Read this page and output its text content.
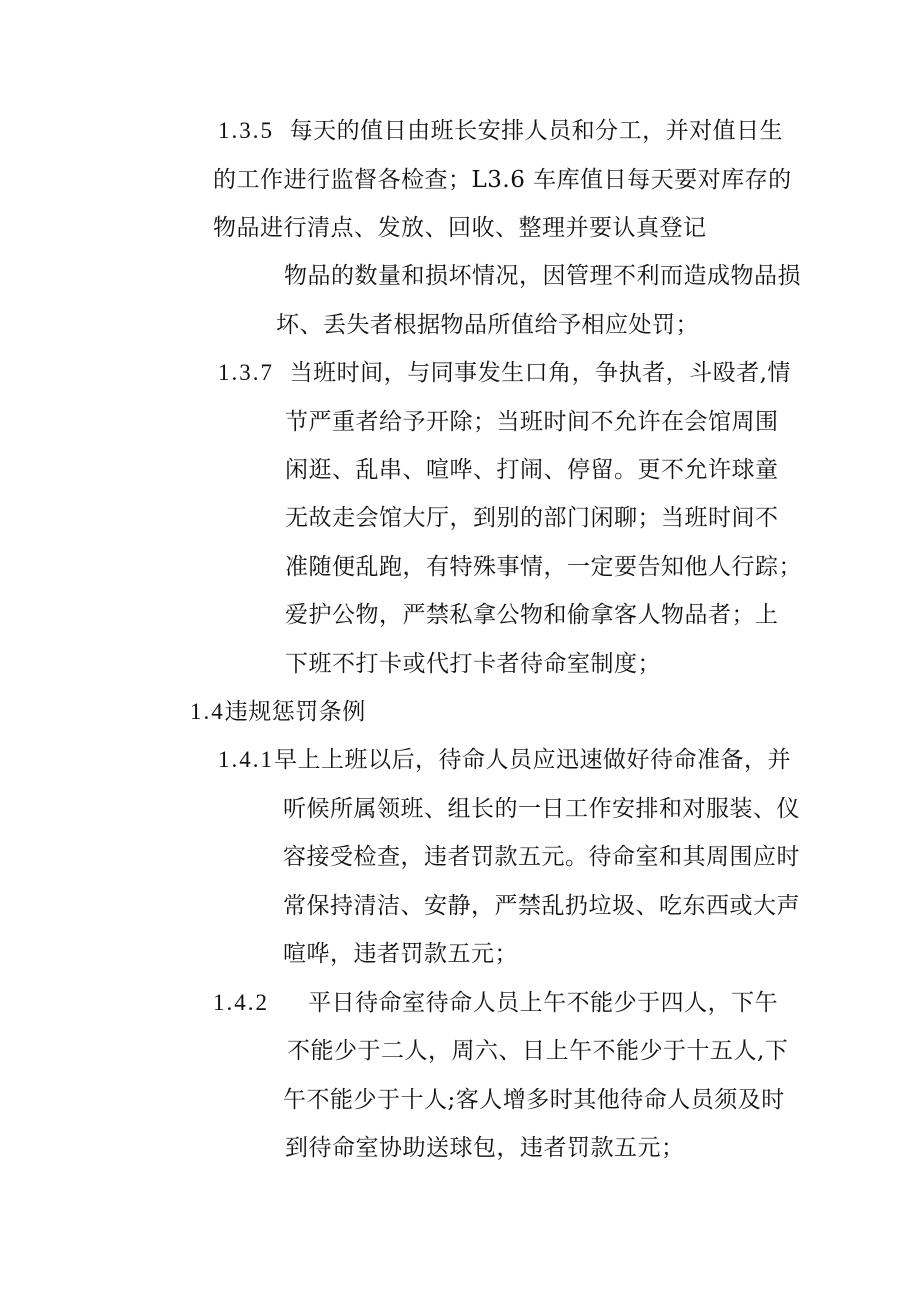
1.3.5 每天的值日由班长安排人员和分工，并对值日生
的工作进行监督各检查；L3.6 车库值日每天要对库存的
物品进行清点、发放、回收、整理并要认真登记
物品的数量和损坏情况，因管理不利而造成物品损
坏、丢失者根据物品所值给予相应处罚；
1.3.7 当班时间，与同事发生口角，争执者，斗殴者,情
节严重者给予开除；当班时间不允许在会馆周围
闲逛、乱串、喧哗、打闹、停留。更不允许球童
无故走会馆大厅，到别的部门闲聊；当班时间不
准随便乱跑，有特殊事情，一定要告知他人行踪；
爱护公物，严禁私拿公物和偷拿客人物品者；上
下班不打卡或代打卡者待命室制度；
1.4违规惩罚条例
1.4.1早上上班以后，待命人员应迅速做好待命准备，并
听候所属领班、组长的一日工作安排和对服装、仪
容接受检查，违者罚款五元。待命室和其周围应时
常保持清洁、安静，严禁乱扔垃圾、吃东西或大声
喧哗，违者罚款五元；
1.4.2 平日待命室待命人员上午不能少于四人，下午
不能少于二人，周六、日上午不能少于十五人,下
午不能少于十人;客人增多时其他待命人员须及时
到待命室协助送球包，违者罚款五元；
